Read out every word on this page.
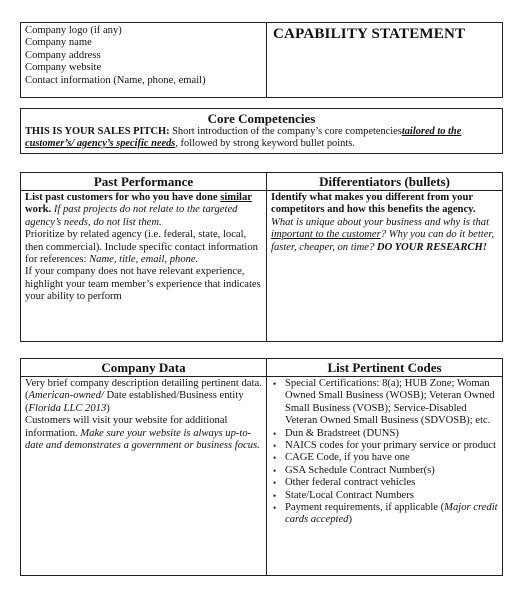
Company logo (if any)
Company name
Company address
Company website
Contact information (Name, phone, email)
CAPABILITY STATEMENT
Core Competencies
THIS IS YOUR SALES PITCH: Short introduction of the company’s core competenciestailored to the customer’s/ agency’s specific needs, followed by strong keyword bullet points.
Past Performance
List past customers for who you have done similar work. If past projects do not relate to the targeted agency’s needs, do not list them.
Prioritize by related agency (i.e. federal, state, local, then commercial). Include specific contact information for references: Name, title, email, phone.
If your company does not have relevant experience, highlight your team member’s experience that indicates your ability to perform
Differentiators (bullets)
Identify what makes you different from your competitors and how this benefits the agency. What is unique about your business and why is that important to the customer? Why you can do it better, faster, cheaper, on time? DO YOUR RESEARCH!
Company Data
Very brief company description detailing pertinent data. (American-owned/ Date established/Business entity (Florida LLC 2013)
Customers will visit your website for additional information. Make sure your website is always up-to-date and demonstrates a government or business focus.
List Pertinent Codes
• Special Certifications: 8(a); HUB Zone; Woman Owned Small Business (WOSB); Veteran Owned Small Business (VOSB); Service-Disabled Veteran Owned Small Business (SDVOSB); etc.
• Dun & Bradstreet (DUNS)
• NAICS codes for your primary service or product
• CAGE Code, if you have one
• GSA Schedule Contract Number(s)
• Other federal contract vehicles
• State/Local Contract Numbers
• Payment requirements, if applicable (Major credit cards accepted)
